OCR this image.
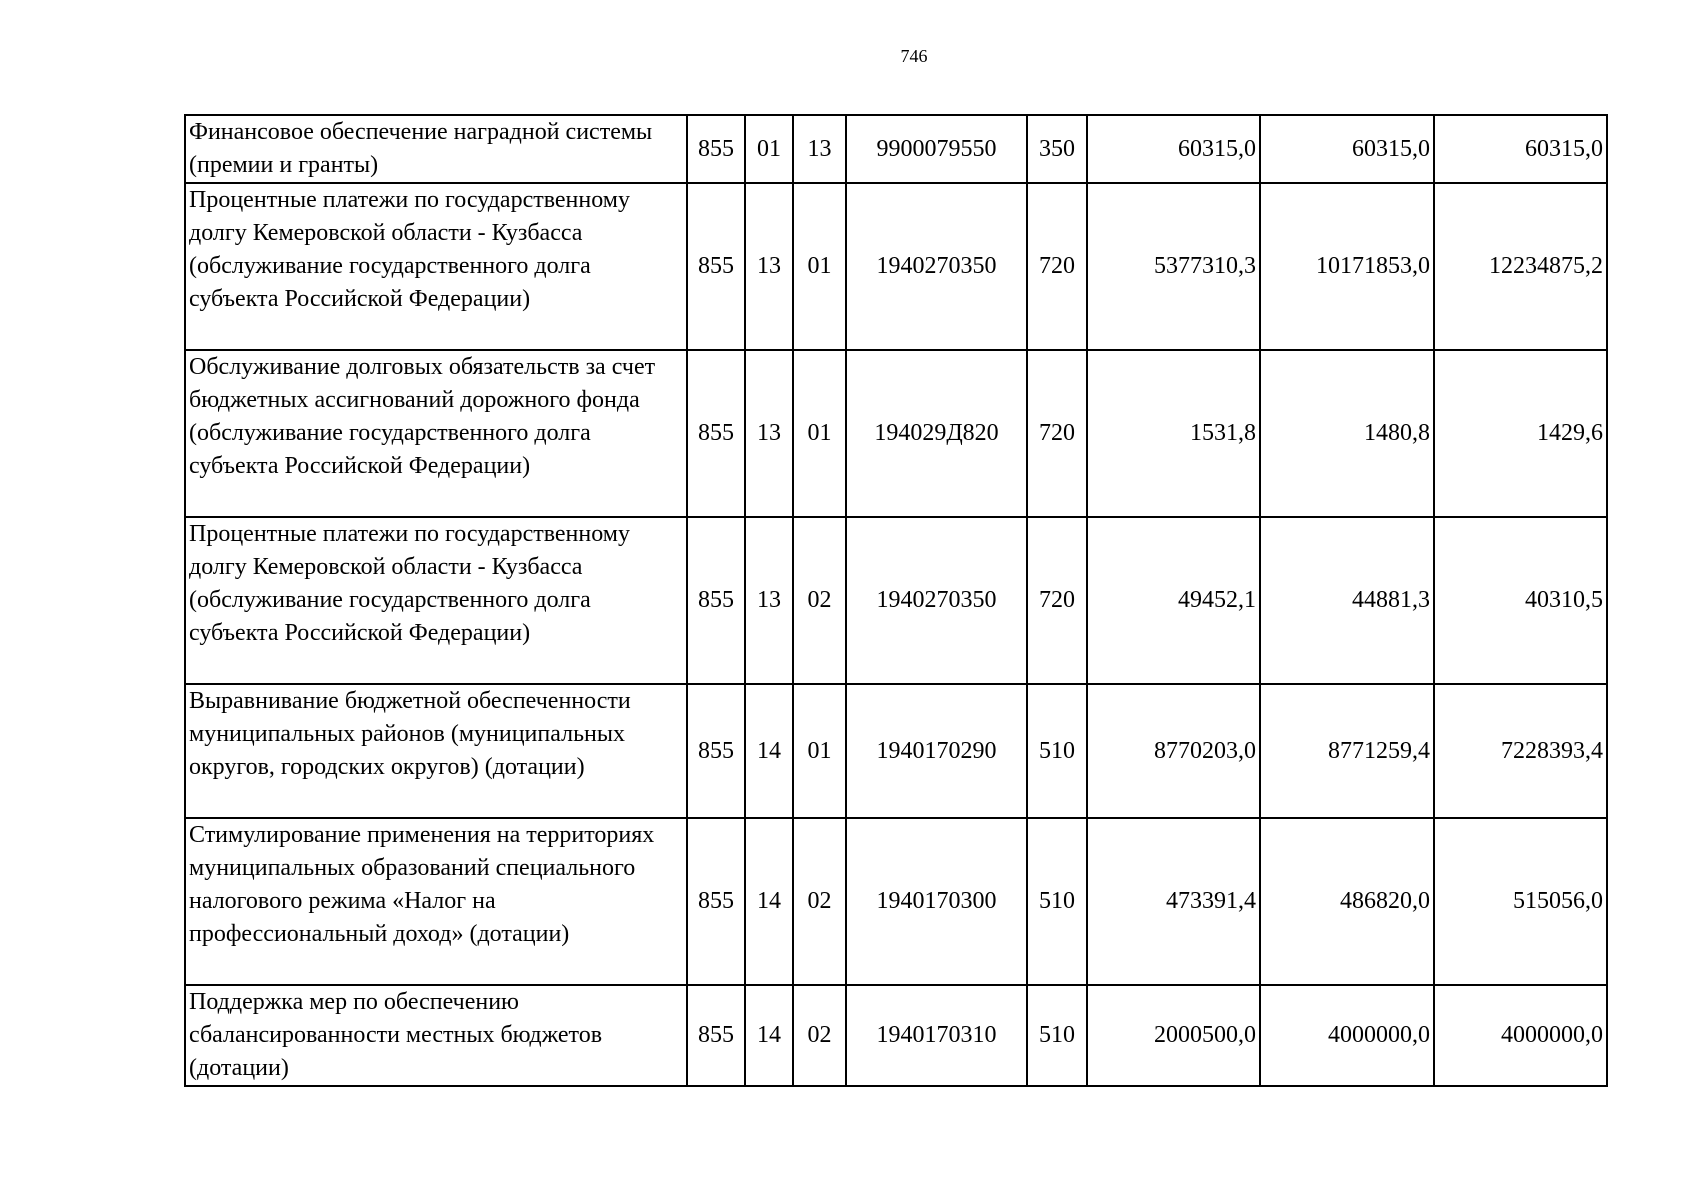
746
Финансовое обеспечение наградной системы (премии и гранты)	855	01	13	9900079550	350	60315,0	60315,0	60315,0
Процентные платежи по государственному долгу Кемеровской области - Кузбасса (обслуживание государственного долга субъекта Российской Федерации)	855	13	01	1940270350	720	5377310,3	10171853,0	12234875,2
Обслуживание долговых обязательств за счет бюджетных ассигнований дорожного фонда (обслуживание государственного долга субъекта Российской Федерации)	855	13	01	194029Д820	720	1531,8	1480,8	1429,6
Процентные платежи по государственному долгу Кемеровской области - Кузбасса (обслуживание государственного долга субъекта Российской Федерации)	855	13	02	1940270350	720	49452,1	44881,3	40310,5
Выравнивание бюджетной обеспеченности муниципальных районов (муниципальных округов, городских округов) (дотации)	855	14	01	1940170290	510	8770203,0	8771259,4	7228393,4
Стимулирование применения на территориях муниципальных образований специального налогового режима «Налог на профессиональный доход» (дотации)	855	14	02	1940170300	510	473391,4	486820,0	515056,0
Поддержка мер по обеспечению сбалансированности местных бюджетов (дотации)	855	14	02	1940170310	510	2000500,0	4000000,0	4000000,0
